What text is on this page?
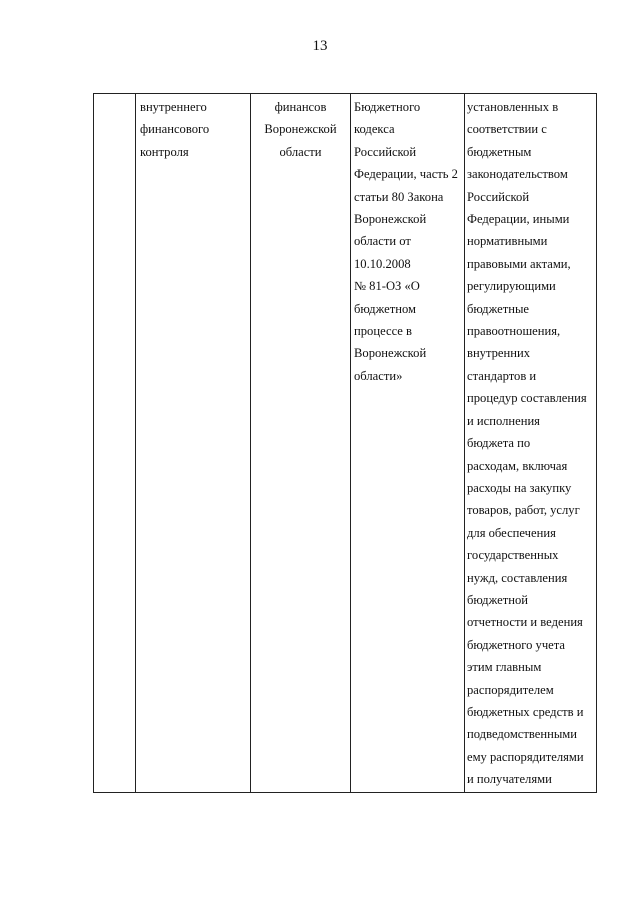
13

внутреннего
финансового
контроля

финансов
Воронежской
области

Бюджетного
кодекса
Российской
Федерации, часть 2
статьи 80 Закона
Воронежской
области от
10.10.2008
№ 81-ОЗ «О
бюджетном
процессе в
Воронежской
области»

установленных в
соответствии с
бюджетным
законодательством
Российской
Федерации, иными
нормативными
правовыми актами,
регулирующими
бюджетные
правоотношения,
внутренних
стандартов и
процедур составления
и исполнения
бюджета по
расходам, включая
расходы на закупку
товаров, работ, услуг
для обеспечения
государственных
нужд, составления
бюджетной
отчетности и ведения
бюджетного учета
этим главным
распорядителем
бюджетных средств и
подведомственными
ему распорядителями
и получателями
